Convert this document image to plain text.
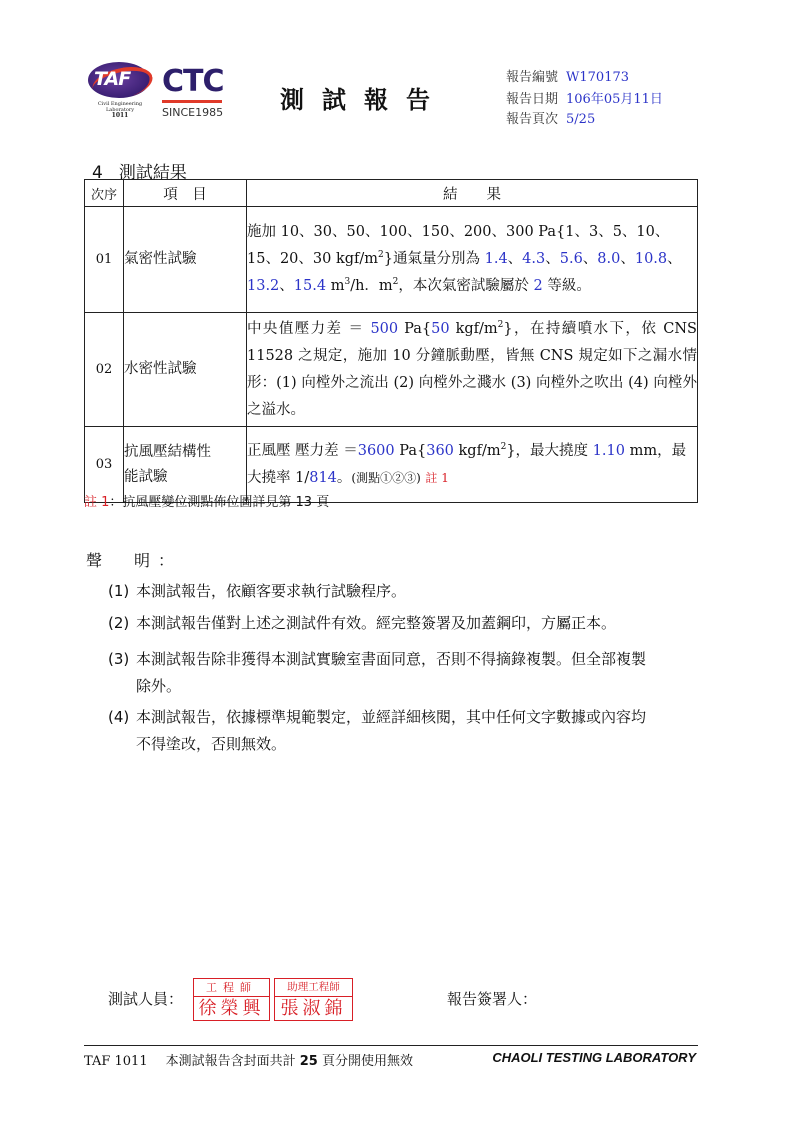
TAF
Civil Engineering
Laboratory
1011
CTC
SINCE1985 測試報告
報告編號 W170173
報告日期 106年05月11日
報告頁次 5/25
4 測試結果
次序	項　目	結　　果
01	氣密性試驗	施加 10、30、50、100、150、200、300 Pa{1、3、5、10、15、20、30 kgf/$m^2$}通氣量分別為 1.4、4.3、5.6、8.0、10.8、13.2、15.4 $m^3/h$．$m^2$，本次氣密試驗屬於 2 等級。
02	水密性試驗	中央值壓力差 ＝ 500 Pa{50 kgf/$m^2$}，在持續噴水下，依 CNS 11528 之規定，施加 10 分鐘脈動壓，皆無 CNS 規定如下之漏水情形：(1) 向樘外之流出 (2) 向樘外之濺水 (3) 向樘外之吹出 (4) 向樘外之溢水。
03	抗風壓結構性
能試驗	正風壓 壓力差 ＝3600 Pa{360 kgf/$m^2$}，最大撓度 1.10 mm，最大撓率 1/814。(測點①②③) 註 1
註 1：抗風壓變位測點佈位圖詳見第 13 頁
聲　明：
(1) 本測試報告，依顧客要求執行試驗程序。
(2) 本測試報告僅對上述之測試件有效。經完整簽署及加蓋鋼印，方屬正本。
(3) 本測試報告除非獲得本測試實驗室書面同意，否則不得摘錄複製。但全部複製
除外。
(4) 本測試報告，依據標準規範製定，並經詳細核閱，其中任何文字數據或內容均
不得塗改，否則無效。
測試人員：
工程師
徐榮興
助理工程師
張淑錦	報告簽署人：
TAF 1011 本測試報告含封面共計 25 頁分開使用無效	CHAOLI TESTING LABORATORY
